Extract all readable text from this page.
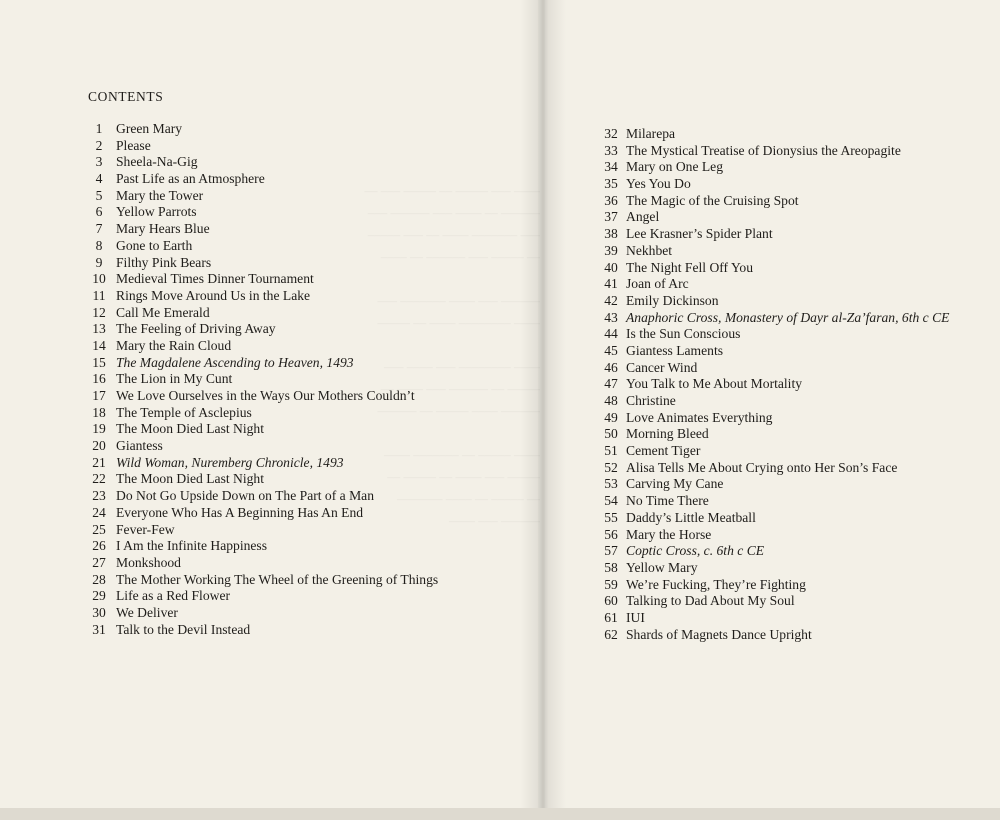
CONTENTS
1	Green Mary
2	Please
3	Sheela-Na-Gig
4	Past Life as an Atmosphere
5	Mary the Tower
6	Yellow Parrots
7	Mary Hears Blue
8	Gone to Earth
9	Filthy Pink Bears
10 Medieval Times Dinner Tournament
11 Rings Move Around Us in the Lake
12 Call Me Emerald
13 The Feeling of Driving Away
14 Mary the Rain Cloud
15 The Magdalene Ascending to Heaven, 1493
16 The Lion in My Cunt
17 We Love Ourselves in the Ways Our Mothers Couldn’t
18 The Temple of Asclepius
19 The Moon Died Last Night
20 Giantess
21 Wild Woman, Nuremberg Chronicle, 1493
22 The Moon Died Last Night
23 Do Not Go Upside Down on The Part of a Man
24 Everyone Who Has A Beginning Has An End
25 Fever-Few
26 I Am the Infinite Happiness
27 Monkshood
28 The Mother Working The Wheel of the Greening of Things
29 Life as a Red Flower
30 We Deliver
31 Talk to the Devil Instead
32 Milarepa
33 The Mystical Treatise of Dionysius the Areopagite
34 Mary on One Leg
35 Yes You Do
36 The Magic of the Cruising Spot
37 Angel
38 Lee Krasner’s Spider Plant
39 Nekhbet
40 The Night Fell Off You
41 Joan of Arc
42 Emily Dickinson
43 Anaphoric Cross, Monastery of Dayr al-Za’faran, 6th c CE
44 Is the Sun Conscious
45 Giantess Laments
46 Cancer Wind
47 You Talk to Me About Mortality
48 Christine
49 Love Animates Everything
50 Morning Bleed
51 Cement Tiger
52 Alisa Tells Me About Crying onto Her Son’s Face
53 Carving My Cane
54 No Time There
55 Daddy’s Little Meatball
56 Mary the Horse
57 Coptic Cross, c. 6th c CE
58 Yellow Mary
59 We’re Fucking, They’re Fighting
60 Talking to Dad About My Soul
61 IUI
62 Shards of Magnets Dance Upright
